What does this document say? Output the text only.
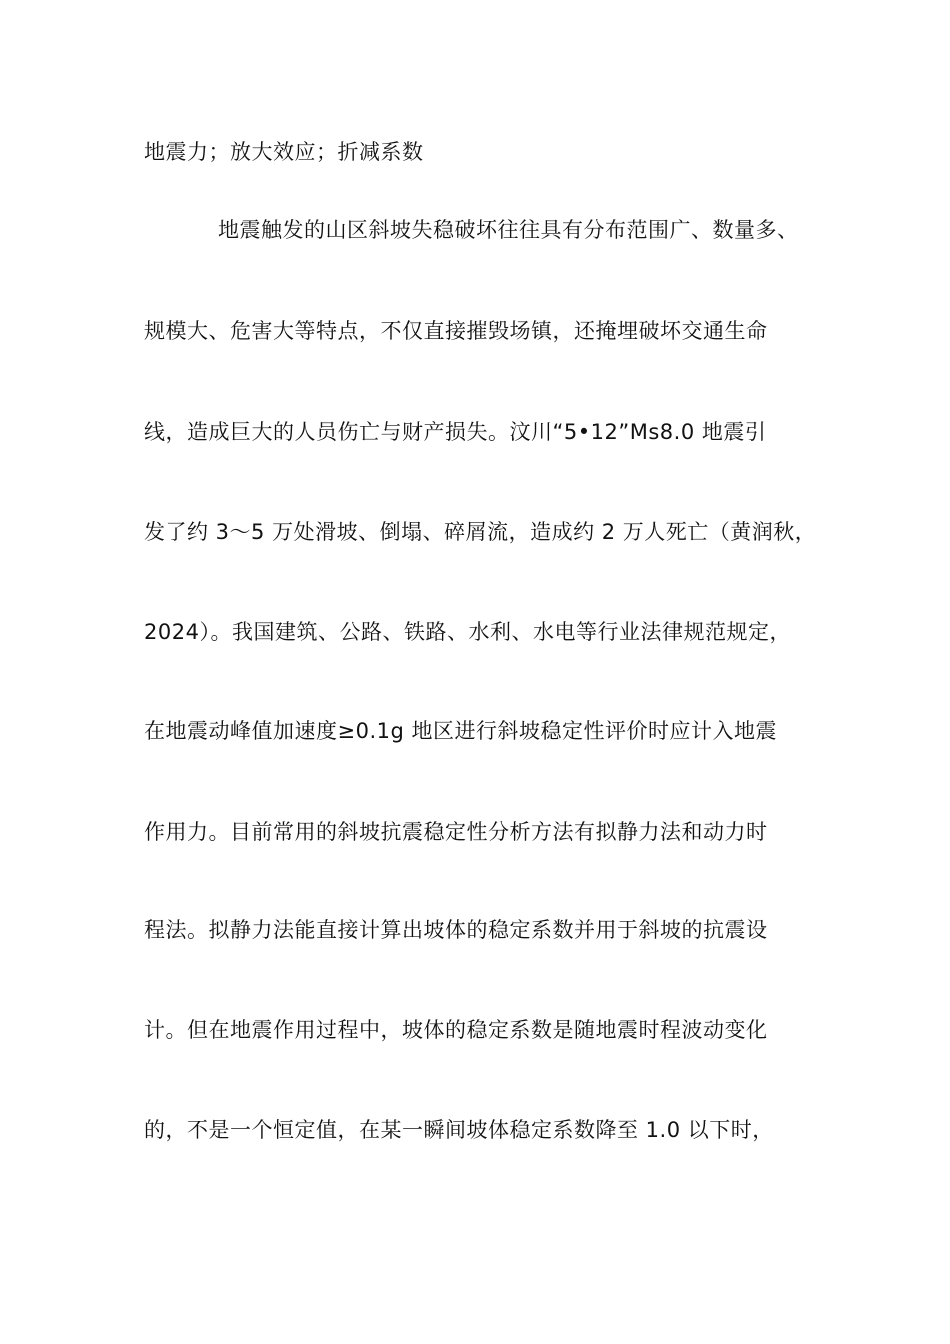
地震力；放大效应；折减系数
地震触发的山区斜坡失稳破坏往往具有分布范围广、数量多、
规模大、危害大等特点，不仅直接摧毁场镇，还掩埋破坏交通生命
线，造成巨大的人员伤亡与财产损失。汶川“5•12”Ms8.0 地震引
发了约 3～5 万处滑坡、倒塌、碎屑流，造成约 2 万人死亡（黄润秋，
2024）。我国建筑、公路、铁路、水利、水电等行业法律规范规定，
在地震动峰值加速度≥0.1g 地区进行斜坡稳定性评价时应计入地震
作用力。目前常用的斜坡抗震稳定性分析方法有拟静力法和动力时
程法。拟静力法能直接计算出坡体的稳定系数并用于斜坡的抗震设
计。但在地震作用过程中，坡体的稳定系数是随地震时程波动变化
的，不是一个恒定值，在某一瞬间坡体稳定系数降至 1.0 以下时，
